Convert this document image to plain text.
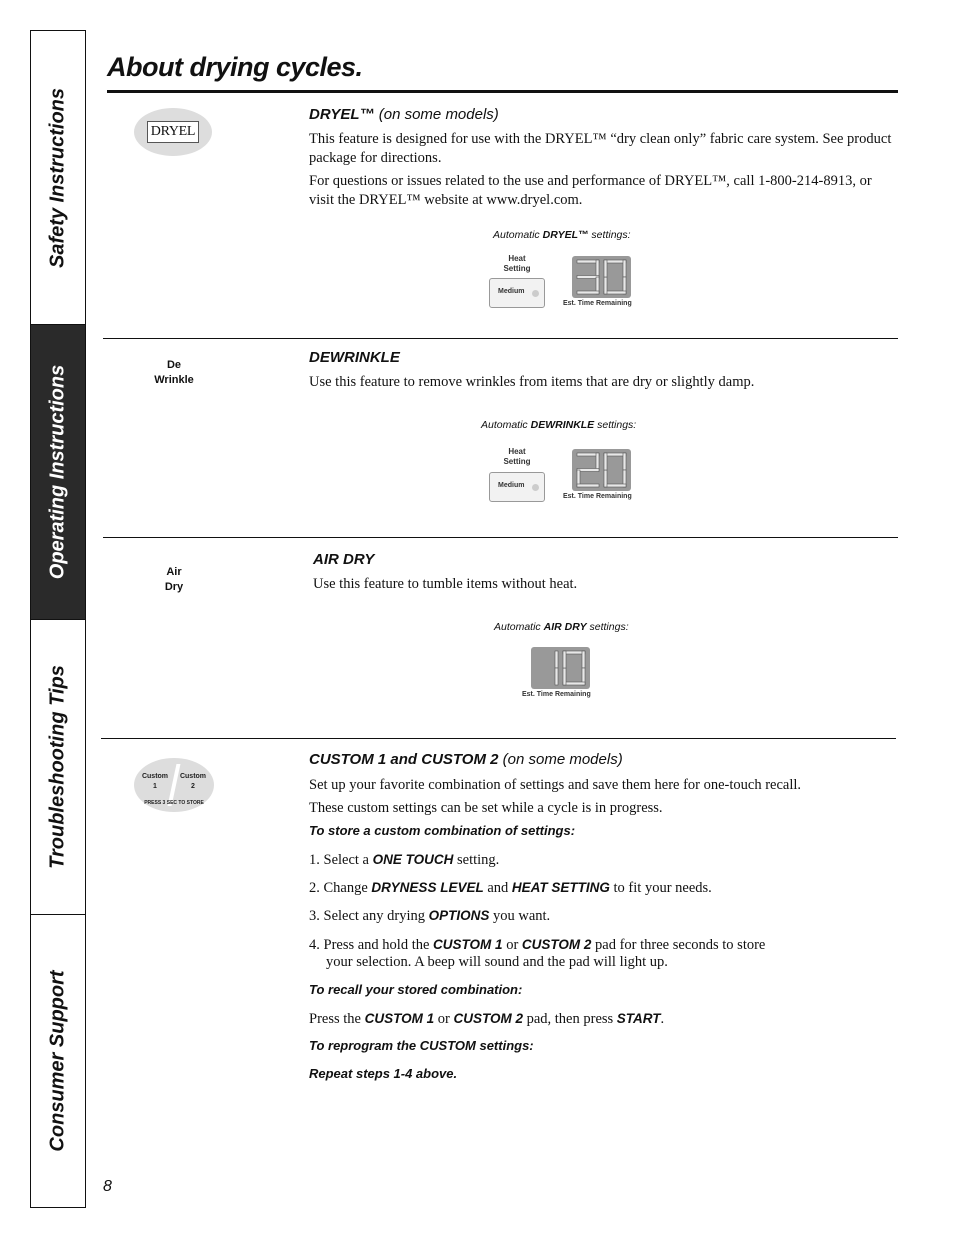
Safety Instructions
Operating Instructions
Troubleshooting Tips
Consumer Support
About drying cycles.
DRYEL
DRYEL™ (on some models)
This feature is designed for use with the DRYEL™ “dry clean only” fabric care system. See product package for directions.
For questions or issues related to the use and performance of DRYEL™, call 1-800-214-8913, or visit the DRYEL™ website at www.dryel.com.
Automatic DRYEL™ settings:
Heat
Setting
Medium
Est. Time Remaining
De
Wrinkle
DEWRINKLE
Use this feature to remove wrinkles from items that are dry or slightly damp.
Automatic DEWRINKLE settings:
Heat
Setting
Medium
Est. Time Remaining
Air
Dry
AIR DRY
Use this feature to tumble items without heat.
Automatic AIR DRY settings:
Est. Time Remaining
Custom
1
Custom
2
PRESS 3 SEC TO STORE
CUSTOM 1 and CUSTOM 2 (on some models)
Set up your favorite combination of settings and save them here for one-touch recall.
These custom settings can be set while a cycle is in progress.
To store a custom combination of settings:
1. Select a ONE TOUCH setting.
2. Change DRYNESS LEVEL and HEAT SETTING to fit your needs.
3. Select any drying OPTIONS you want.
4. Press and hold the CUSTOM 1 or CUSTOM 2 pad for three seconds to store
your selection. A beep will sound and the pad will light up.
To recall your stored combination:
Press the CUSTOM 1 or CUSTOM 2 pad, then press START.
To reprogram the CUSTOM settings:
Repeat steps 1-4 above.
8
